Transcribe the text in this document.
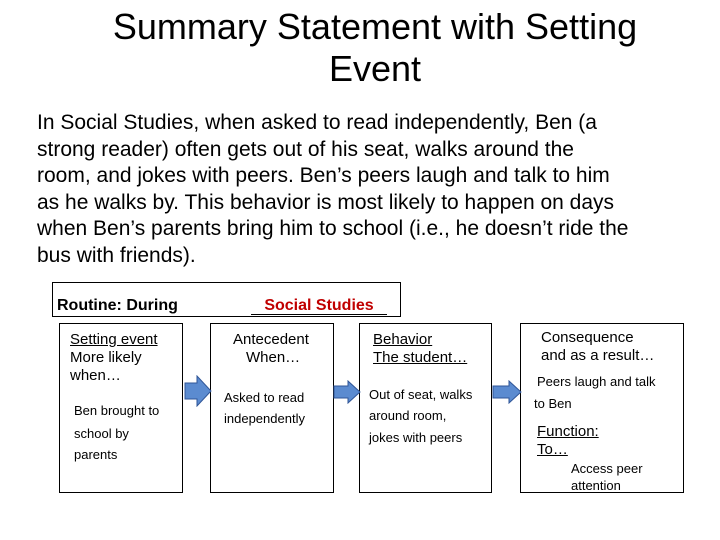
Summary Statement with Setting
Event
In Social Studies, when asked to read independently, Ben (a
strong reader) often gets out of his seat, walks around the
room, and jokes with peers. Ben’s peers laugh and talk to him
as he walks by. This behavior is most likely to happen on days
when Ben’s parents bring him to school (i.e., he doesn’t ride the
bus with friends).
Routine: During	Social Studies
Setting event
More likely
when…
Ben brought to
school by
parents
Antecedent
When…
Asked to read
independently
Behavior
The student…
Out of seat, walks
around room,
jokes with peers
Consequence
and as a result…
Peers laugh and talk
to Ben
Function:
To…
Access peer
attention
